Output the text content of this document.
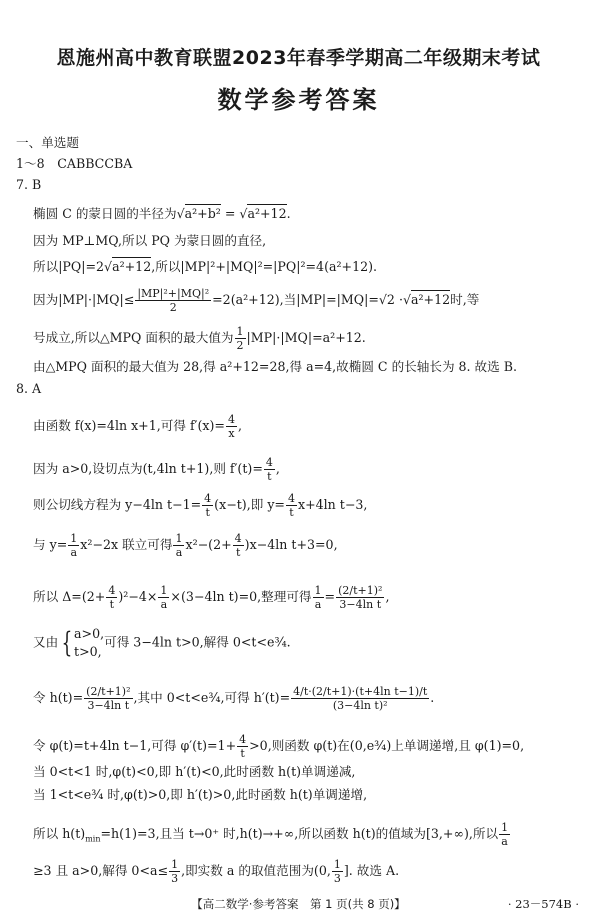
恩施州高中教育联盟2023年春季学期高二年级期末考试
数学参考答案
一、单选题
1～8　CABBCCBA
7. B
椭圆 C 的蒙日圆的半径为√a²+b² = √a²+12.
因为 MP⊥MQ,所以 PQ 为蒙日圆的直径,
所以|PQ|=2√a²+12,所以|MP|²+|MQ|²=|PQ|²=4(a²+12).
因为$|MP|\cdot|MQ|\le \frac{\text{|MP|²+|MQ|²}}{2} =2(a^2+12)$,当|MP|=|MQ|=√2 ·√a²+12时,等
号成立,所以△MPQ 面积的最大值为 $\frac{1}{2} |MP|\cdot|MQ|=a^2+12$.
由△MPQ 面积的最大值为 28,得 a²+12=28,得 a=4,故椭圆 C 的长轴长为 8. 故选 B.
8. A
由函数 f(x)=4ln x+1,可得 $f'(x)= \frac{4}{x}$ ,
因为 a>0,设切点为(t,4ln t+1),则 $f'(t)= \frac{4}{t}$ ,
则公切线方程为 y−4ln $t-1= \frac{4}{t} (x-t)$,即 $y= \frac{4}{t} x+4\ln$ t−3,
与 $y= \frac{1}{a} x^2-2x$ 联立可得 $\frac{1}{a} x^2-(2+ \frac{4}{t} )x-4\ln$ t+3=0,
所以 $\Delta=(2+ \frac{4}{t} )^2-4\times \frac{1}{a} \times(3-4\ln$ t)=0,整理可得 $\frac{1}{a} = \frac{\text{(2/t+1)²}}{\text{3−4ln t}}$ ,
又由 { a>0,
t>0,
可得 3−4ln t>0,解得 0<t<e³⁄₄.
令 $h(t)= \frac{\text{(2/t+1)²}}{\text{3−4ln t}}$ ,其中 0<t<e³⁄₄,可得 $h'(t)= \frac{\text{4/t·(2/t+1)·(t+4ln t−1)/t}}{\text{(3−4ln t)²}}$ .
令 φ(t)=t+4ln t−1,可得 $\varphi'(t)=1+ \frac{4}{t} >0$,则函数 φ(t)在(0,e³⁄₄)上单调递增,且 φ(1)=0,
当 0<t<1 时,φ(t)<0,即 h′(t)<0,此时函数 h(t)单调递减,
当 1<t<e³⁄₄ 时,φ(t)>0,即 h′(t)>0,此时函数 h(t)单调递增,
所以 $h(t)_{min}=h(1)=3$,且当 t→0⁺ 时,h(t)→+∞,所以函数 h(t)的值域为[3,+∞),所以 $\frac{1}{a}$
≥3 且 a>0,解得 $0<a\le \frac{1}{3}$ ,即实数 a 的取值范围为(0, $\frac{1}{3}$ ]. 故选 A.
【高二数学·参考答案　第 1 页(共 8 页)】	· 23－574B ·
